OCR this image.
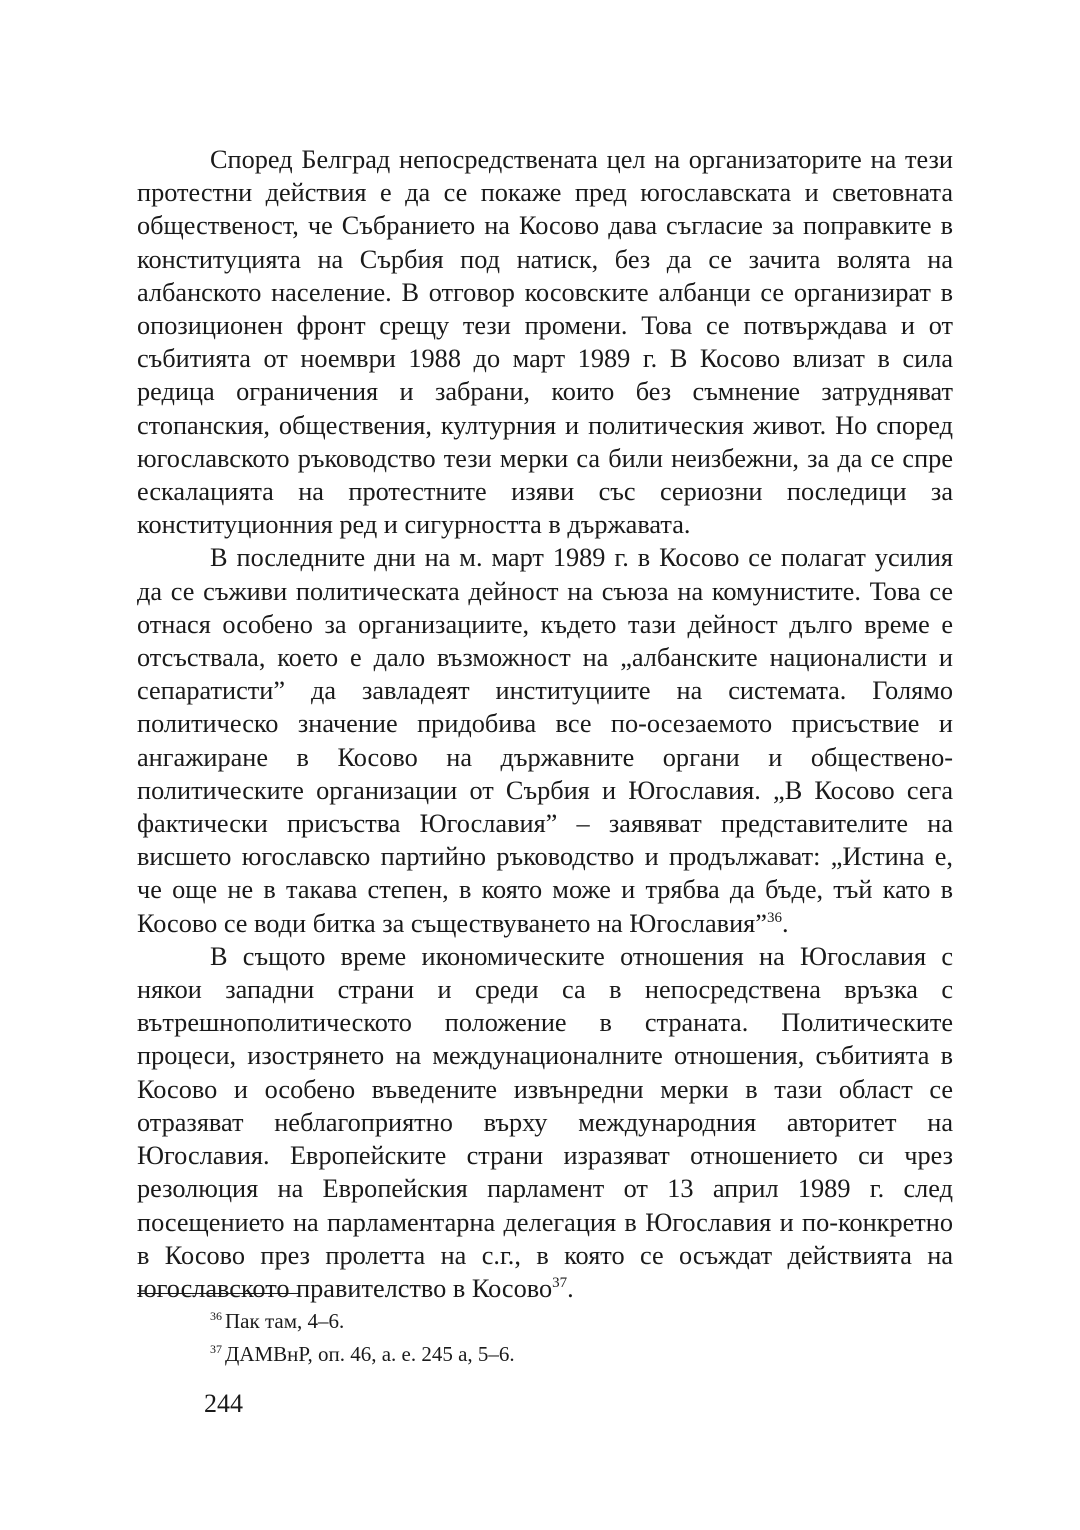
Според Белград непосредствената цел на организаторите на тези протестни действия е да се покаже пред югославската и световната общественост, че Събранието на Косово дава съгласие за поправките в конституцията на Сърбия под натиск, без да се зачита волята на албанското население. В отговор косовските албанци се организират в опозиционен фронт срещу тези промени. Това се потвърждава и от събитията от ноември 1988 до март 1989 г. В Косово влизат в сила редица ограничения и забрани, които без съмнение затрудняват стопанския, обществения, културния и политическия живот. Но според югославското ръководство тези мерки са били неизбежни, за да се спре ескалацията на протестните изяви със сериозни последици за конституционния ред и сигурността в държавата.

В последните дни на м. март 1989 г. в Косово се полагат усилия да се съживи политическата дейност на съюза на комунистите. Това се отнася особено за организациите, където тази дейност дълго време е отсъствала, което е дало възможност на „албанските националисти и сепаратисти” да завладеят институциите на системата. Голямо политическо значение придобива все по-осезаемото присъствие и ангажиране в Косово на държавните органи и обществено-политическите организации от Сърбия и Югославия. „В Косово сега фактически присъства Югославия” – заявяват представителите на висшето югославско партийно ръководство и продължават: „Истина е, че още не в такава степен, в която може и трябва да бъде, тъй като в Косово се води битка за съществуването на Югославия”$^{36}$.

В същото време икономическите отношения на Югославия с някои западни страни и среди са в непосредствена връзка с вътрешнополитическото положение в страната. Политическите процеси, изострянето на междунационалните отношения, събитията в Косово и особено въведените извънредни мерки в тази област се отразяват неблагоприятно върху международния авторитет на Югославия. Европейските страни изразяват отношението си чрез резолюция на Европейския парламент от 13 април 1989 г. след посещението на парламентарна делегация в Югославия и по-конкретно в Косово през пролетта на с.г., в която се осъждат действията на югославското правителство в Косово$^{37}$.

$^{36}$ Пак там, 4–6.

$^{37}$ ДАМВнР, оп. 46, а. е. 245 а, 5–6.

244
